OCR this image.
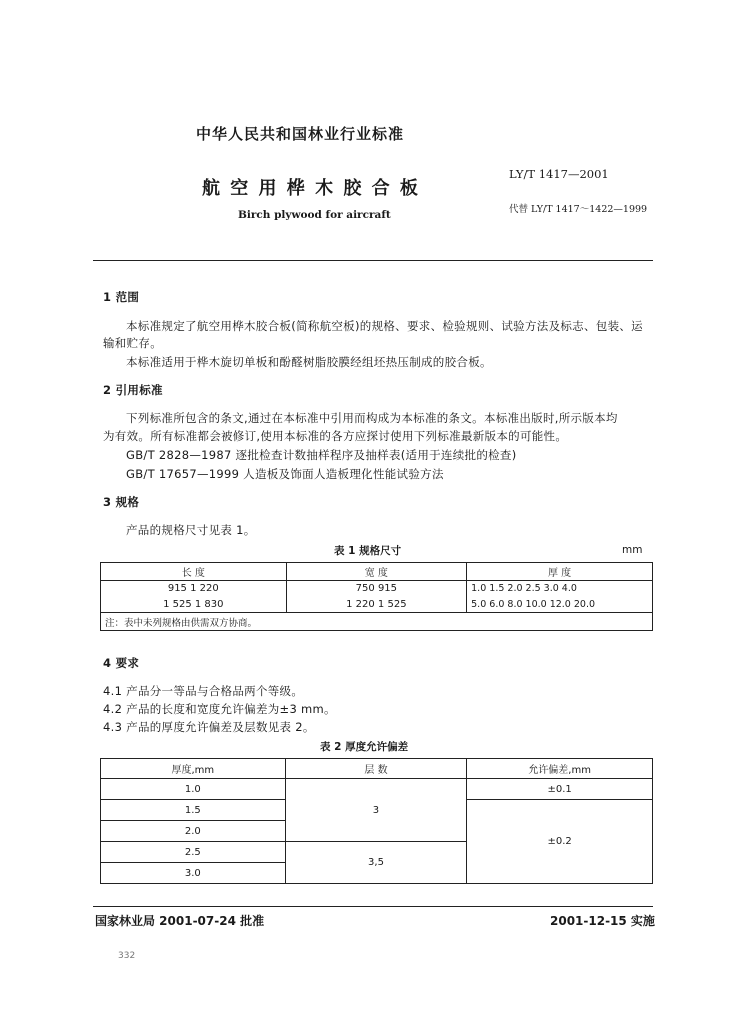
中华人民共和国林业行业标准
LY/T 1417—2001
航 空 用 桦 木 胶 合 板
代替 LY/T 1417～1422—1999
Birch plywood for aircraft
1 范围
本标准规定了航空用桦木胶合板(简称航空板)的规格、要求、检验规则、试验方法及标志、包装、运
输和贮存。
本标准适用于桦木旋切单板和酚醛树脂胶膜经组坯热压制成的胶合板。
2 引用标准
下列标准所包含的条文,通过在本标准中引用而构成为本标准的条文。本标准出版时,所示版本均
为有效。所有标准都会被修订,使用本标准的各方应探讨使用下列标准最新版本的可能性。
GB/T 2828—1987 逐批检查计数抽样程序及抽样表(适用于连续批的检查)
GB/T 17657—1999 人造板及饰面人造板理化性能试验方法
3 规格
产品的规格尺寸见表 1。
表 1 规格尺寸	mm
长 度	宽 度	厚 度
915 1 220	750 915	1.0 1.5 2.0 2.5 3.0 4.0
1 525 1 830	1 220 1 525	5.0 6.0 8.0 10.0 12.0 20.0
注：表中未列规格由供需双方协商。		
4 要求
4.1 产品分一等品与合格品两个等级。
4.2 产品的长度和宽度允许偏差为±3 mm。
4.3 产品的厚度允许偏差及层数见表 2。
表 2 厚度允许偏差
厚度,mm	层 数	允许偏差,mm
1.0	3	±0.1
1.5		±0.2
2.0		
2.5	3,5	
3.0		
国家林业局 2001-07-24 批准	2001-12-15 实施
332
